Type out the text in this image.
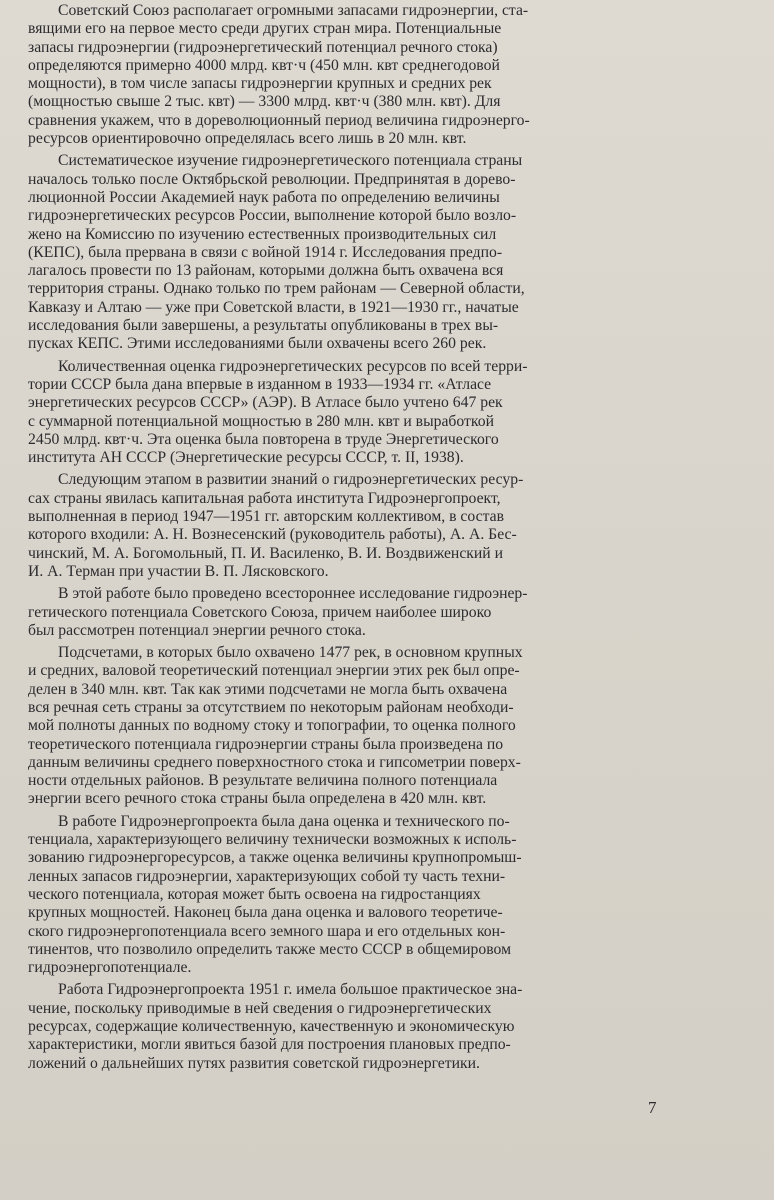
Советский Союз располагает огромными запасами гидроэнергии, ста-
вящими его на первое место среди других стран мира. Потенциальные
запасы гидроэнергии (гидроэнергетический потенциал речного стока)
определяются примерно 4000 млрд. квт·ч (450 млн. квт среднегодовой
мощности), в том числе запасы гидроэнергии крупных и средних рек
(мощностью свыше 2 тыс. квт) — 3300 млрд. квт·ч (380 млн. квт). Для
сравнения укажем, что в дореволюционный период величина гидроэнерго-
ресурсов ориентировочно определялась всего лишь в 20 млн. квт.
Систематическое изучение гидроэнергетического потенциала страны
началось только после Октябрьской революции. Предпринятая в дорево-
люционной России Академией наук работа по определению величины
гидроэнергетических ресурсов России, выполнение которой было возло-
жено на Комиссию по изучению естественных производительных сил
(КЕПС), была прервана в связи с войной 1914 г. Исследования предпо-
лагалось провести по 13 районам, которыми должна быть охвачена вся
территория страны. Однако только по трем районам — Северной области,
Кавказу и Алтаю — уже при Советской власти, в 1921—1930 гг., начатые
исследования были завершены, а результаты опубликованы в трех вы-
пусках КЕПС. Этими исследованиями были охвачены всего 260 рек.
Количественная оценка гидроэнергетических ресурсов по всей терри-
тории СССР была дана впервые в изданном в 1933—1934 гг. «Атласе
энергетических ресурсов СССР» (АЭР). В Атласе было учтено 647 рек
с суммарной потенциальной мощностью в 280 млн. квт и выработкой
2450 млрд. квт·ч. Эта оценка была повторена в труде Энергетического
института АН СССР (Энергетические ресурсы СССР, т. II, 1938).
Следующим этапом в развитии знаний о гидроэнергетических ресур-
сах страны явилась капитальная работа института Гидроэнергопроект,
выполненная в период 1947—1951 гг. авторским коллективом, в состав
которого входили: А. Н. Вознесенский (руководитель работы), А. А. Бес-
чинский, М. А. Богомольный, П. И. Василенко, В. И. Воздвиженский и
И. А. Терман при участии В. П. Лясковского.
В этой работе было проведено всестороннее исследование гидроэнер-
гетического потенциала Советского Союза, причем наиболее широко
был рассмотрен потенциал энергии речного стока.
Подсчетами, в которых было охвачено 1477 рек, в основном крупных
и средних, валовой теоретический потенциал энергии этих рек был опре-
делен в 340 млн. квт. Так как этими подсчетами не могла быть охвачена
вся речная сеть страны за отсутствием по некоторым районам необходи-
мой полноты данных по водному стоку и топографии, то оценка полного
теоретического потенциала гидроэнергии страны была произведена по
данным величины среднего поверхностного стока и гипсометрии поверх-
ности отдельных районов. В результате величина полного потенциала
энергии всего речного стока страны была определена в 420 млн. квт.
В работе Гидроэнергопроекта была дана оценка и технического по-
тенциала, характеризующего величину технически возможных к исполь-
зованию гидроэнергоресурсов, а также оценка величины крупнопромыш-
ленных запасов гидроэнергии, характеризующих собой ту часть техни-
ческого потенциала, которая может быть освоена на гидростанциях
крупных мощностей. Наконец была дана оценка и валового теоретиче-
ского гидроэнергопотенциала всего земного шара и его отдельных кон-
тинентов, что позволило определить также место СССР в общемировом
гидроэнергопотенциале.
Работа Гидроэнергопроекта 1951 г. имела большое практическое зна-
чение, поскольку приводимые в ней сведения о гидроэнергетических
ресурсах, содержащие количественную, качественную и экономическую
характеристики, могли явиться базой для построения плановых предпо-
ложений о дальнейших путях развития советской гидроэнергетики.
7
